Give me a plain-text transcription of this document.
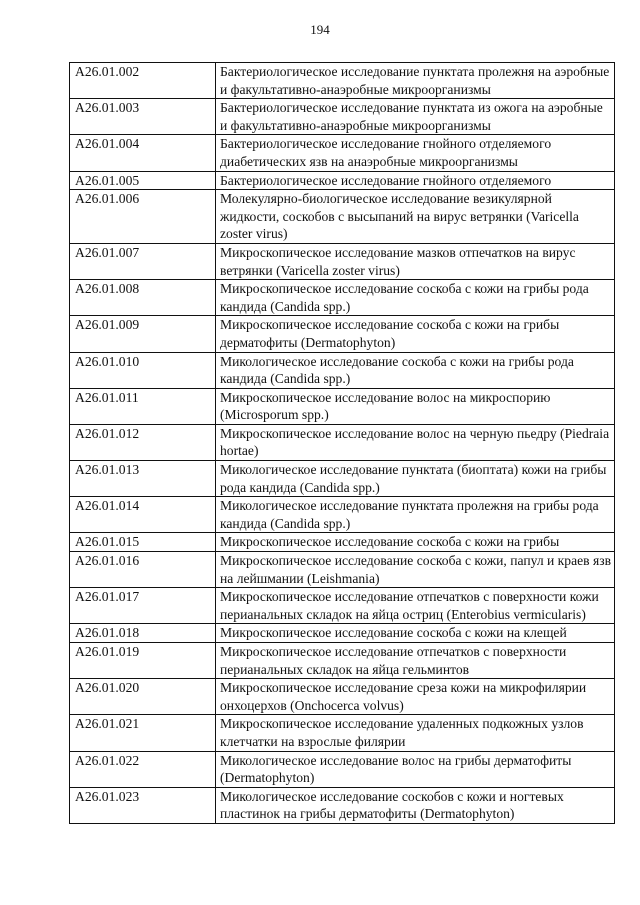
194
A26.01.002	Бактериологическое исследование пунктата пролежня на аэробные и факультативно-анаэробные микроорганизмы
A26.01.003	Бактериологическое исследование пунктата из ожога на аэробные и факультативно-анаэробные микроорганизмы
A26.01.004	Бактериологическое исследование гнойного отделяемого диабетических язв на анаэробные микроорганизмы
A26.01.005	Бактериологическое исследование гнойного отделяемого
A26.01.006	Молекулярно-биологическое исследование везикулярной жидкости, соскобов с высыпаний на вирус ветрянки (Varicella zoster virus)
A26.01.007	Микроскопическое исследование мазков отпечатков на вирус ветрянки (Varicella zoster virus)
A26.01.008	Микроскопическое исследование соскоба с кожи на грибы рода кандида (Candida spp.)
A26.01.009	Микроскопическое исследование соскоба с кожи на грибы дерматофиты (Dermatophyton)
A26.01.010	Микологическое исследование соскоба с кожи на грибы рода кандида (Candida spp.)
A26.01.011	Микроскопическое исследование волос на микроспорию (Microsporum spp.)
A26.01.012	Микроскопическое исследование волос на черную пьедру (Piedraia hortae)
A26.01.013	Микологическое исследование пунктата (биоптата) кожи на грибы рода кандида (Candida spp.)
A26.01.014	Микологическое исследование пунктата пролежня на грибы рода кандида (Candida spp.)
A26.01.015	Микроскопическое исследование соскоба с кожи на грибы
A26.01.016	Микроскопическое исследование соскоба с кожи, папул и краев язв на лейшмании (Leishmania)
A26.01.017	Микроскопическое исследование отпечатков с поверхности кожи перианальных складок на яйца остриц (Enterobius vermicularis)
A26.01.018	Микроскопическое исследование соскоба с кожи на клещей
A26.01.019	Микроскопическое исследование отпечатков с поверхности перианальных складок на яйца гельминтов
A26.01.020	Микроскопическое исследование среза кожи на микрофилярии онхоцерхов (Onchocerca volvus)
A26.01.021	Микроскопическое исследование удаленных подкожных узлов клетчатки на взрослые филярии
A26.01.022	Микологическое исследование волос на грибы дерматофиты (Dermatophyton)
A26.01.023	Микологическое исследование соскобов с кожи и ногтевых пластинок на грибы дерматофиты (Dermatophyton)
